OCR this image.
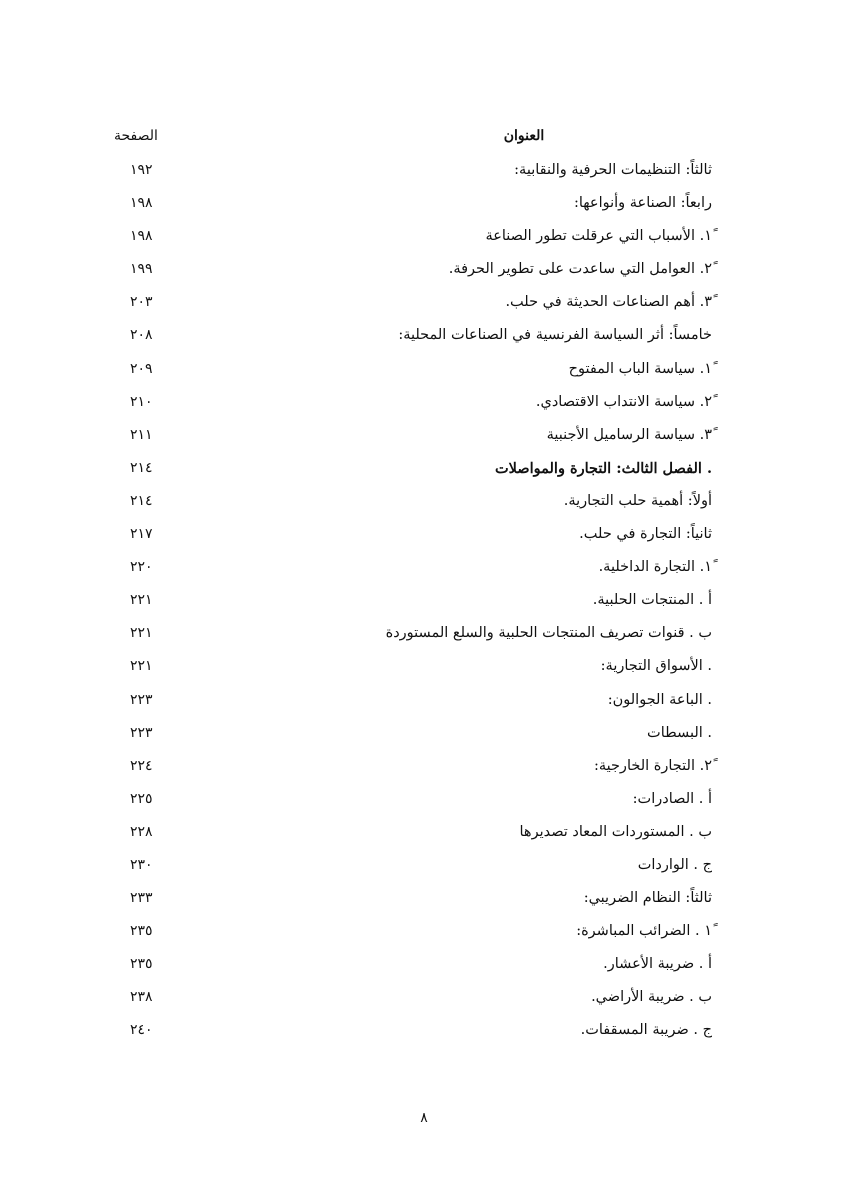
العنوان
الصفحة
ثالثاً: التنظيمات الحرفية والنقابية:
١٩٢
رابعاً: الصناعة وأنواعها:
١٩٨
ً١. الأسباب التي عرقلت تطور الصناعة
١٩٨
ً٢. العوامل التي ساعدت على تطوير الحرفة.
١٩٩
ً٣. أهم الصناعات الحديثة في حلب.
٢٠٣
خامساً: أثر السياسة الفرنسية في الصناعات المحلية:
٢٠٨
ً١. سياسة الباب المفتوح
٢٠٩
ً٢. سياسة الانتداب الاقتصادي.
٢١٠
ً٣. سياسة الرساميل الأجنبية
٢١١
. الفصل الثالث: التجارة والمواصلات
٢١٤
أولاً: أهمية حلب التجارية.
٢١٤
ثانياً: التجارة في حلب.
٢١٧
ً١. التجارة الداخلية.
٢٢٠
أ . المنتجات الحلبية.
٢٢١
ب . قنوات تصريف المنتجات الحلبية والسلع المستوردة
٢٢١
. الأسواق التجارية:
٢٢١
. الباعة الجوالون:
٢٢٣
. البسطات
٢٢٣
ً٢. التجارة الخارجية:
٢٢٤
أ . الصادرات:
٢٢٥
ب . المستوردات المعاد تصديرها
٢٢٨
ج . الواردات
٢٣٠
ثالثاً: النظام الضريبي:
٢٣٣
ً١ . الضرائب المباشرة:
٢٣٥
أ . ضريبة الأعشار.
٢٣٥
ب . ضريبة الأراضي.
٢٣٨
ج . ضريبة المسقفات.
٢٤٠
٨
